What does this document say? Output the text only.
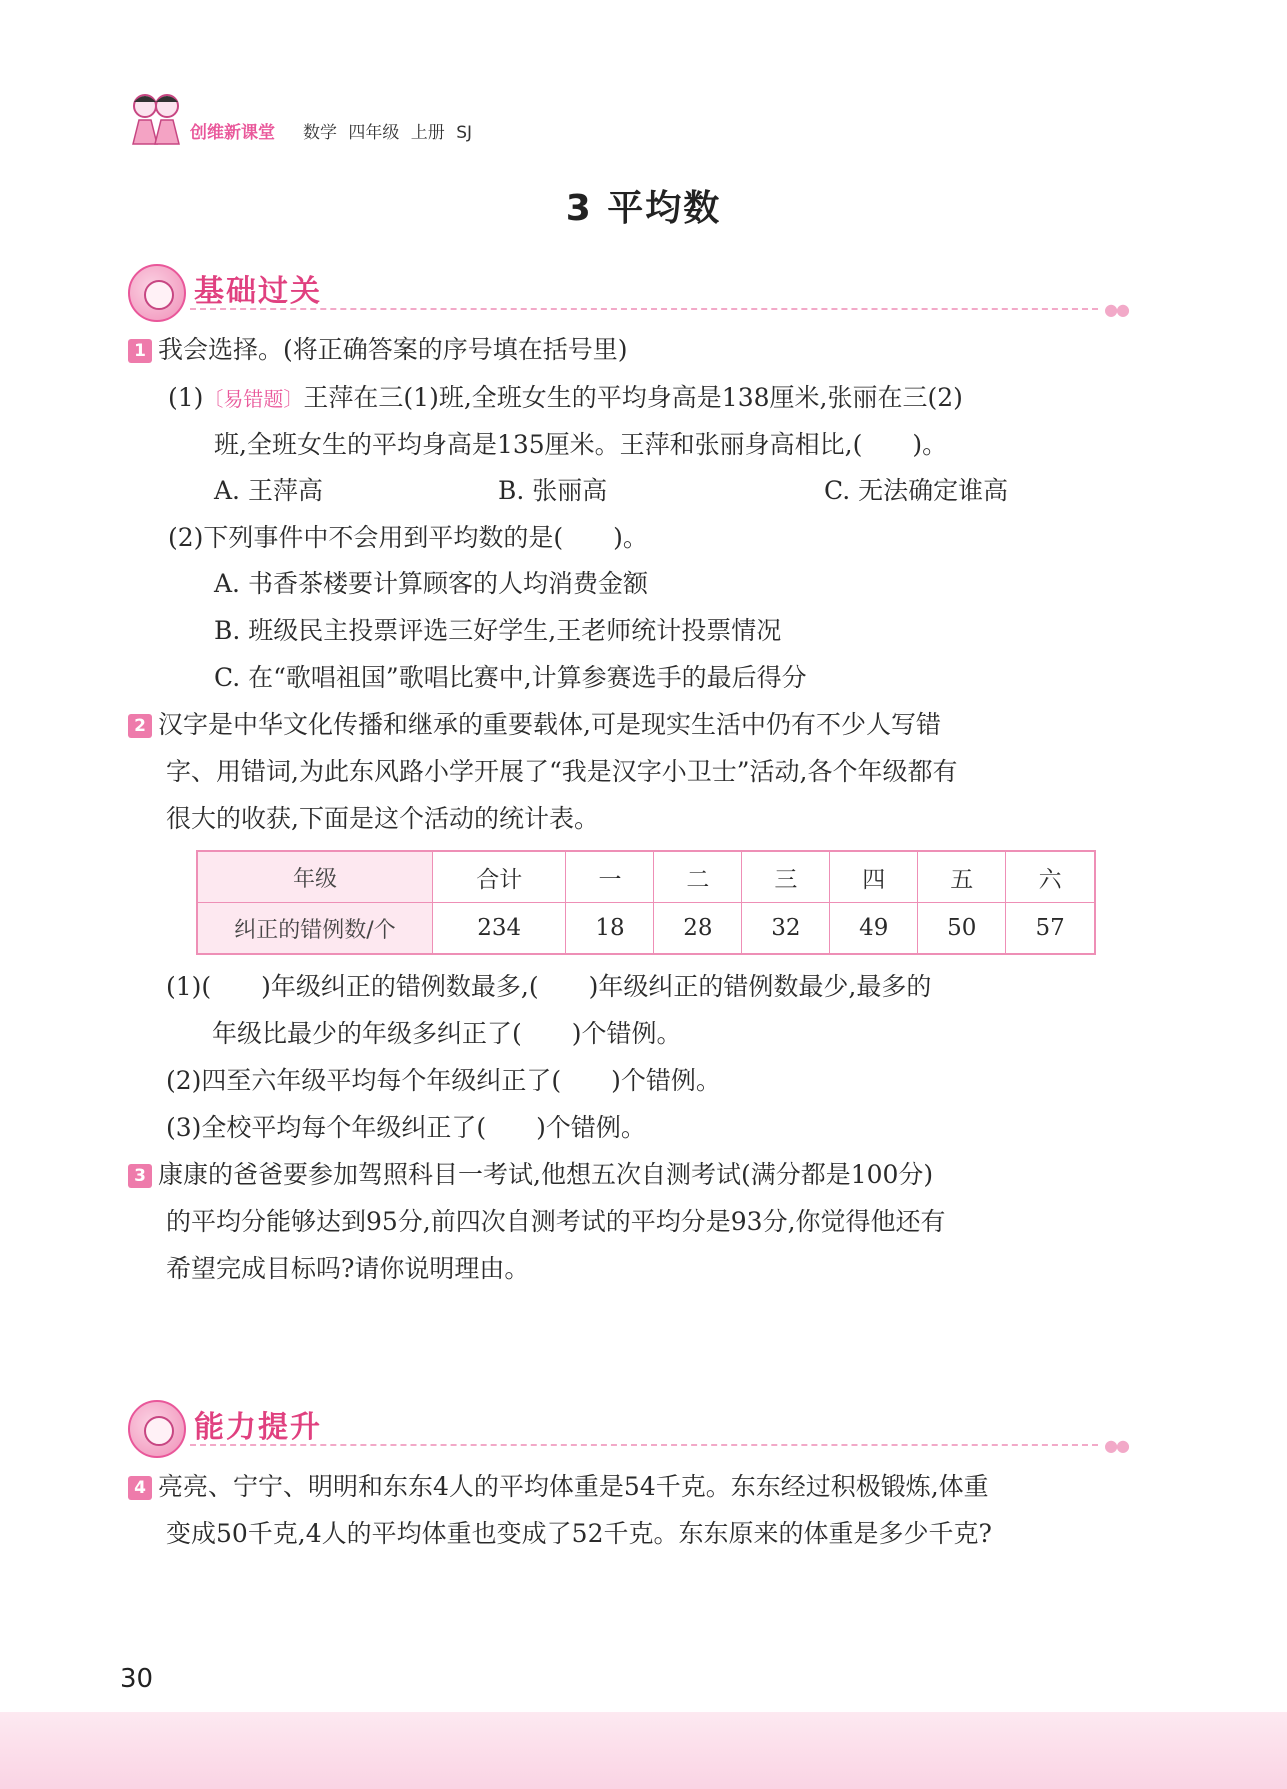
创维新课堂 数学 四年级 上册 SJ
3 平均数
基础过关
●●
1 我会选择。(将正确答案的序号填在括号里)
(1)〔易错题〕王萍在三(1)班,全班女生的平均身高是138厘米,张丽在三(2)
班,全班女生的平均身高是135厘米。王萍和张丽身高相比,(　　)。
A. 王萍高	B. 张丽高	C. 无法确定谁高
(2)下列事件中不会用到平均数的是(　　)。
A. 书香茶楼要计算顾客的人均消费金额
B. 班级民主投票评选三好学生,王老师统计投票情况
C. 在“歌唱祖国”歌唱比赛中,计算参赛选手的最后得分
2 汉字是中华文化传播和继承的重要载体,可是现实生活中仍有不少人写错
字、用错词,为此东风路小学开展了“我是汉字小卫士”活动,各个年级都有
很大的收获,下面是这个活动的统计表。
年级	合计	一	二	三	四	五	六
纠正的错例数/个	234	18	28	32	49	50	57
(1)(　　)年级纠正的错例数最多,(　　)年级纠正的错例数最少,最多的
年级比最少的年级多纠正了(　　)个错例。
(2)四至六年级平均每个年级纠正了(　　)个错例。
(3)全校平均每个年级纠正了(　　)个错例。
3 康康的爸爸要参加驾照科目一考试,他想五次自测考试(满分都是100分)
的平均分能够达到95分,前四次自测考试的平均分是93分,你觉得他还有
希望完成目标吗?请你说明理由。
能力提升
●●
4 亮亮、宁宁、明明和东东4人的平均体重是54千克。东东经过积极锻炼,体重
变成50千克,4人的平均体重也变成了52千克。东东原来的体重是多少千克?
30
